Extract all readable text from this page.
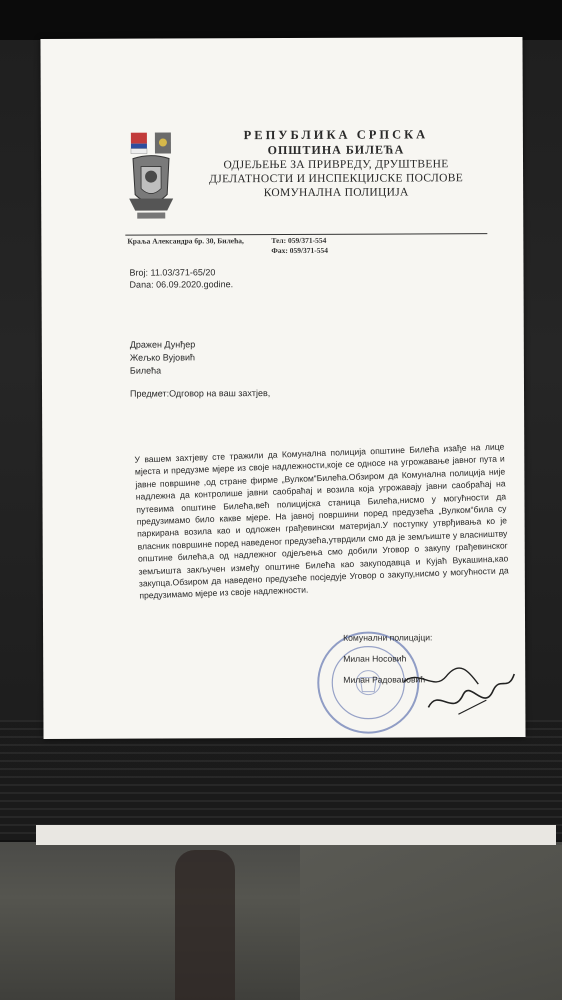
РЕПУБЛИКА СРПСКА
ОПШТИНА БИЛЕЋА
ОДЈЕЉЕЊЕ ЗА ПРИВРЕДУ, ДРУШТВЕНЕ
ДЈЕЛАТНОСТИ И ИНСПЕКЦИЈСКЕ ПОСЛОВЕ
КОМУНАЛНА ПОЛИЦИЈА
Краља Александра бр. 30, Билећа,	Тел: 059/371-554
Фах: 059/371-554
Broj: 11.03/371-65/20
Dana: 06.09.2020.godine.
Дражен Дунђер
Жељко Вујовић
Билећа
Предмет:Одговор на ваш захтјев,
У вашем захтјеву сте тражили да Комунална полиција општине Билећа изађе на лице мјеста и предузме мјере из своје надлежности,које се односе на угрожавање јавног пута и јавне површине ,од стране фирме „Вулком“Билећа.Обзиром да Комунална полиција није надлежна да контролише јавни саобраћај и возила која угрожавају јавни саобраћај на путевима општине Билећа,већ полицијска станица Билећа,нисмо у могућности да предузимамо било какве мјере. На јавној површини поред предузећа „Вулком“била су паркирана возила као и одложен грађевински материјал.У поступку утврђивања ко је власник површине поред наведеног предузећа,утврдили смо да је земљиште у власништву општине билећа,а од надлежног одјељења смо добили Уговор о закупу грађевинског земљишта закључен између општине Билећа као закуподавца и Кујаћ Вукашина,као закупца.Обзиром да наведено предузеће посједује Уговор о закупу,нисмо у могућности да предузимамо мјере из своје надлежности.
Комунални полицајци:
Милан Носовић
Милан Радовановић
